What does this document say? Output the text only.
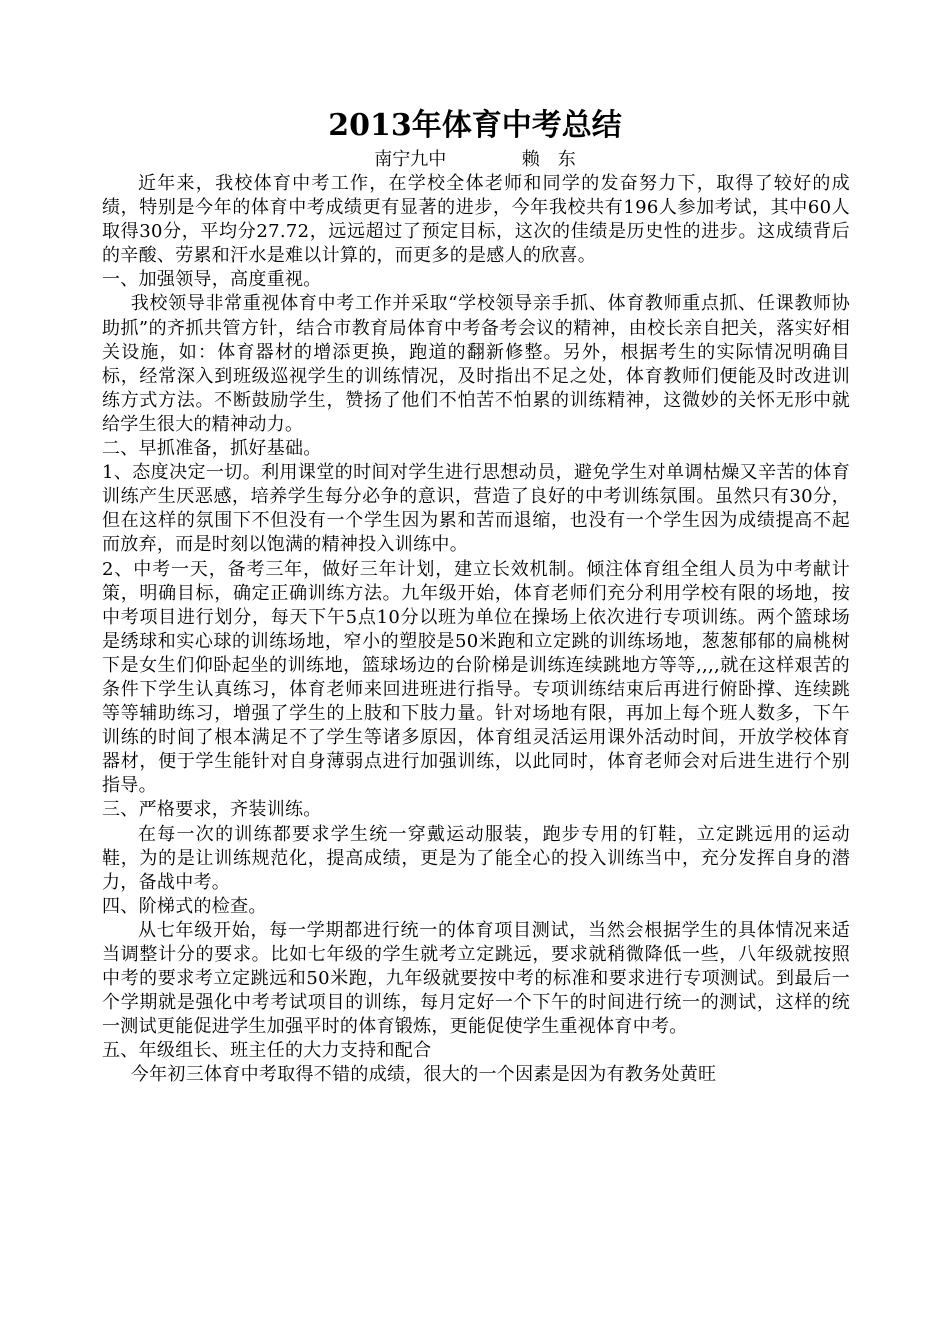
2013年体育中考总结
南宁九中	赖　东

近年来，我校体育中考工作，在学校全体老师和同学的发奋努力下，取得了较好的成绩，特别是今年的体育中考成绩更有显著的进步，今年我校共有196人参加考试，其中60人取得30分，平均分27.72，远远超过了预定目标，这次的佳绩是历史性的进步。这成绩背后的辛酸、劳累和汗水是难以计算的，而更多的是感人的欣喜。

一、加强领导，高度重视。

我校领导非常重视体育中考工作并采取“学校领导亲手抓、体育教师重点抓、任课教师协助抓”的齐抓共管方针，结合市教育局体育中考备考会议的精神，由校长亲自把关，落实好相关设施，如：体育器材的增添更换，跑道的翻新修整。另外，根据考生的实际情况明确目标，经常深入到班级巡视学生的训练情况，及时指出不足之处，体育教师们便能及时改进训练方式方法。不断鼓励学生，赞扬了他们不怕苦不怕累的训练精神，这微妙的关怀无形中就给学生很大的精神动力。

二、早抓准备，抓好基础。

1、态度决定一切。利用课堂的时间对学生进行思想动员，避免学生对单调枯燥又辛苦的体育训练产生厌恶感，培养学生每分必争的意识，营造了良好的中考训练氛围。虽然只有30分，但在这样的氛围下不但没有一个学生因为累和苦而退缩，也没有一个学生因为成绩提高不起而放弃，而是时刻以饱满的精神投入训练中。

2、中考一天，备考三年，做好三年计划，建立长效机制。倾注体育组全组人员为中考献计策，明确目标，确定正确训练方法。九年级开始，体育老师们充分利用学校有限的场地，按中考项目进行划分，每天下午5点10分以班为单位在操场上依次进行专项训练。两个篮球场是绣球和实心球的训练场地，窄小的塑胶是50米跑和立定跳的训练场地，葱葱郁郁的扁桃树下是女生们仰卧起坐的训练地，篮球场边的台阶梯是训练连续跳地方等等,,,,就在这样艰苦的条件下学生认真练习，体育老师来回进班进行指导。专项训练结束后再进行俯卧撑、连续跳等等辅助练习，增强了学生的上肢和下肢力量。针对场地有限，再加上每个班人数多，下午训练的时间了根本满足不了学生等诸多原因，体育组灵活运用课外活动时间，开放学校体育器材，便于学生能针对自身薄弱点进行加强训练，以此同时，体育老师会对后进生进行个别指导。

三、严格要求，齐装训练。

在每一次的训练都要求学生统一穿戴运动服装，跑步专用的钉鞋，立定跳远用的运动鞋，为的是让训练规范化，提高成绩，更是为了能全心的投入训练当中，充分发挥自身的潜力，备战中考。

四、阶梯式的检查。

从七年级开始，每一学期都进行统一的体育项目测试，当然会根据学生的具体情况来适当调整计分的要求。比如七年级的学生就考立定跳远，要求就稍微降低一些，八年级就按照中考的要求考立定跳远和50米跑，九年级就要按中考的标准和要求进行专项测试。到最后一个学期就是强化中考考试项目的训练，每月定好一个下午的时间进行统一的测试，这样的统一测试更能促进学生加强平时的体育锻炼，更能促使学生重视体育中考。

五、年级组长、班主任的大力支持和配合

今年初三体育中考取得不错的成绩，很大的一个因素是因为有教务处黄旺
